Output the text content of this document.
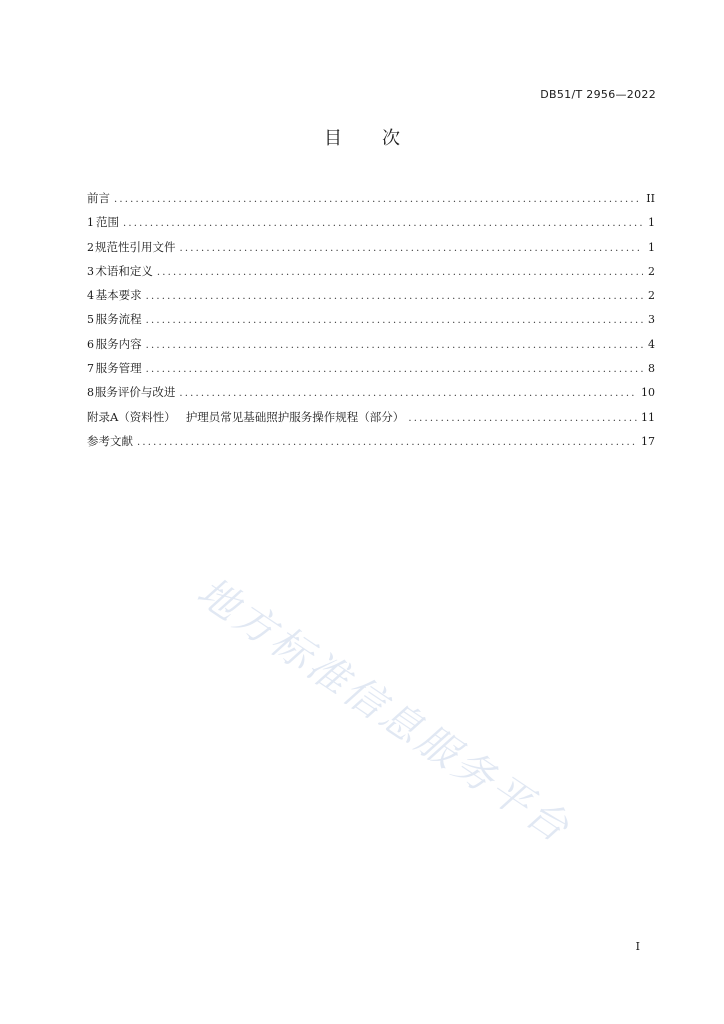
DB51/T 2956—2022
目 次
前言 .....	II
1 范围 .....	1
2 规范性引用文件 .....	1
3 术语和定义 .....	2
4 基本要求 .....	2
5 服务流程 .....	3
6 服务内容 .....	4
7 服务管理 .....	8
8 服务评价与改进 .....	10
附录A（资料性） 护理员常见基础照护服务操作规程（部分） .....	11
参考文献 .....	17
地方标准信息服务平台
I
